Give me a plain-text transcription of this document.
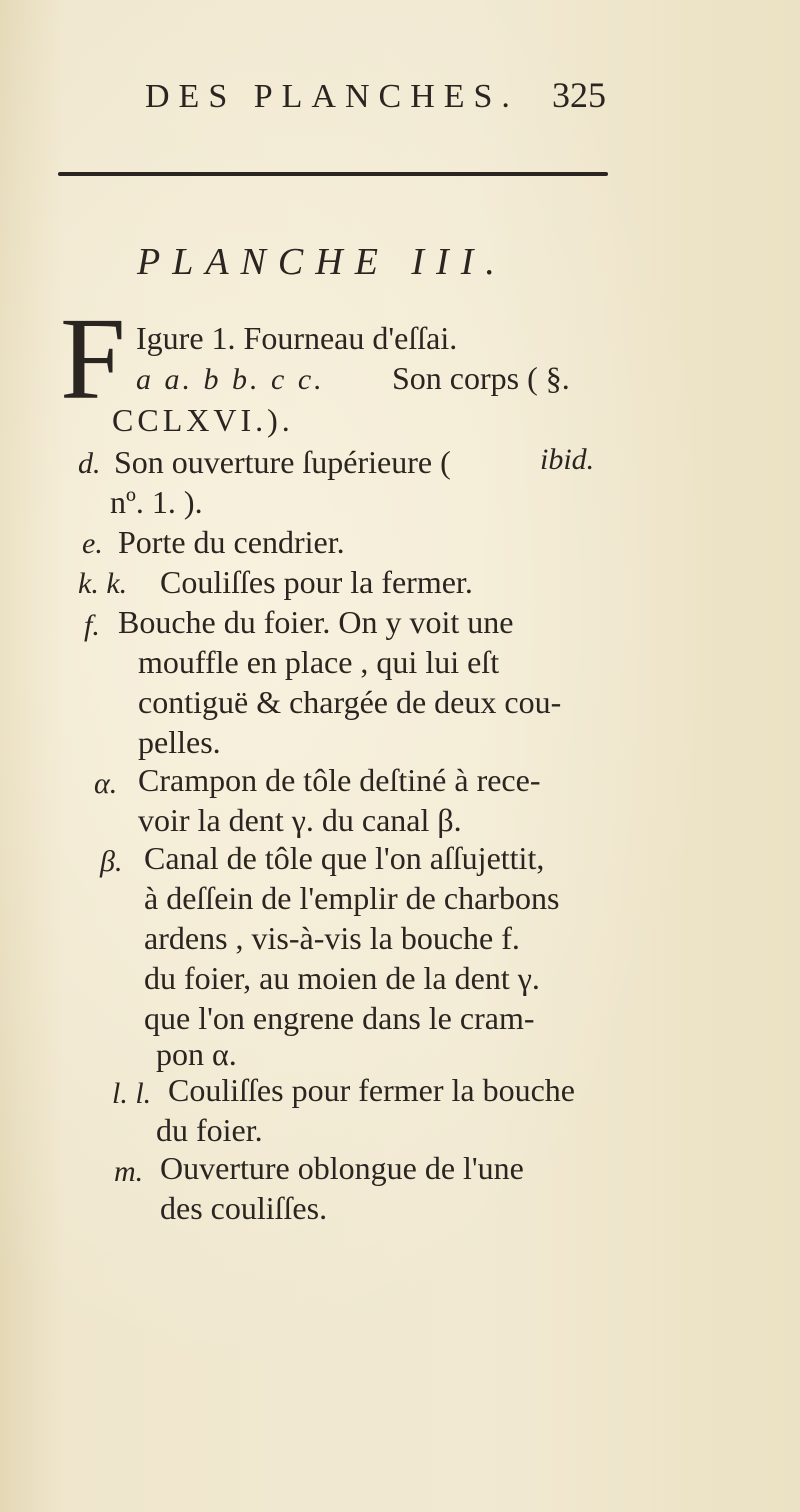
DES PLANCHES. 325
PLANCHE III.
F Igure 1. Fourneau d'eſſai.
a a. b b. c c. Son corps ( §.
CCLXVI.).
d. Son ouverture ſupérieure (	ibid.
nº. 1. ).
e. Porte du cendrier.
k. k. Couliſſes pour la fermer.
f. Bouche du foier. On y voit une
mouffle en place , qui lui eſt
contiguë & chargée de deux cou-
pelles.
α. Crampon de tôle deſtiné à rece-
voir la dent γ. du canal β.
β. Canal de tôle que l'on aſſujettit,
à deſſein de l'emplir de charbons
ardens , vis-à-vis la bouche f.
du foier, au moien de la dent γ.
que l'on engrene dans le cram-
pon α.
l. l. Couliſſes pour fermer la bouche
du foier.
m. Ouverture oblongue de l'une
des couliſſes.
